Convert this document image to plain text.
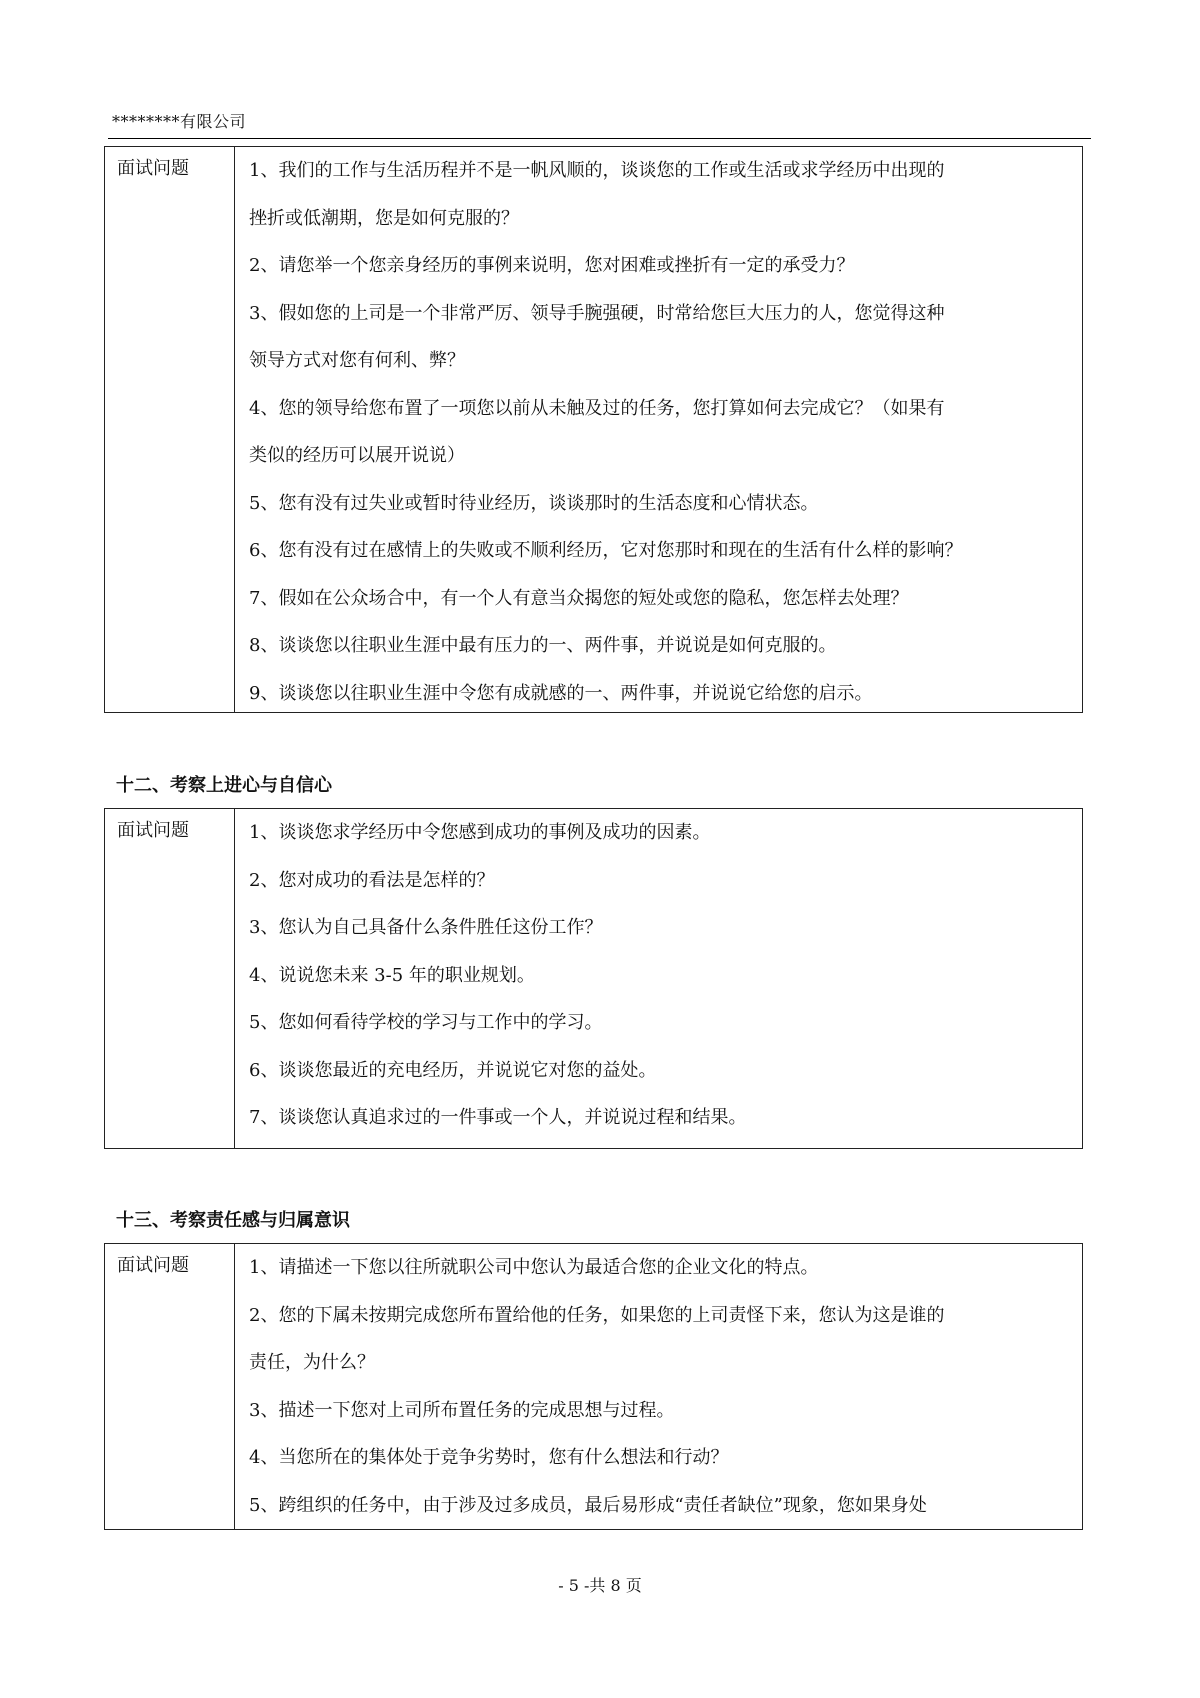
********有限公司
面试问题	1、我们的工作与生活历程并不是一帆风顺的，谈谈您的工作或生活或求学经历中出现的
挫折或低潮期，您是如何克服的？
2、请您举一个您亲身经历的事例来说明，您对困难或挫折有一定的承受力？
3、假如您的上司是一个非常严厉、领导手腕强硬，时常给您巨大压力的人，您觉得这种
领导方式对您有何利、弊？
4、您的领导给您布置了一项您以前从未触及过的任务，您打算如何去完成它？（如果有
类似的经历可以展开说说）
5、您有没有过失业或暂时待业经历，谈谈那时的生活态度和心情状态。
6、您有没有过在感情上的失败或不顺利经历，它对您那时和现在的生活有什么样的影响？
7、假如在公众场合中，有一个人有意当众揭您的短处或您的隐私，您怎样去处理？
8、谈谈您以往职业生涯中最有压力的一、两件事，并说说是如何克服的。
9、谈谈您以往职业生涯中令您有成就感的一、两件事，并说说它给您的启示。
十二、考察上进心与自信心
面试问题	1、谈谈您求学经历中令您感到成功的事例及成功的因素。
2、您对成功的看法是怎样的？
3、您认为自己具备什么条件胜任这份工作？
4、说说您未来 3-5 年的职业规划。
5、您如何看待学校的学习与工作中的学习。
6、谈谈您最近的充电经历，并说说它对您的益处。
7、谈谈您认真追求过的一件事或一个人，并说说过程和结果。
十三、考察责任感与归属意识
面试问题	1、请描述一下您以往所就职公司中您认为最适合您的企业文化的特点。
2、您的下属未按期完成您所布置给他的任务，如果您的上司责怪下来，您认为这是谁的
责任，为什么？
3、描述一下您对上司所布置任务的完成思想与过程。
4、当您所在的集体处于竞争劣势时，您有什么想法和行动？
5、跨组织的任务中，由于涉及过多成员，最后易形成“责任者缺位”现象，您如果身处
- 5 -共 8 页
